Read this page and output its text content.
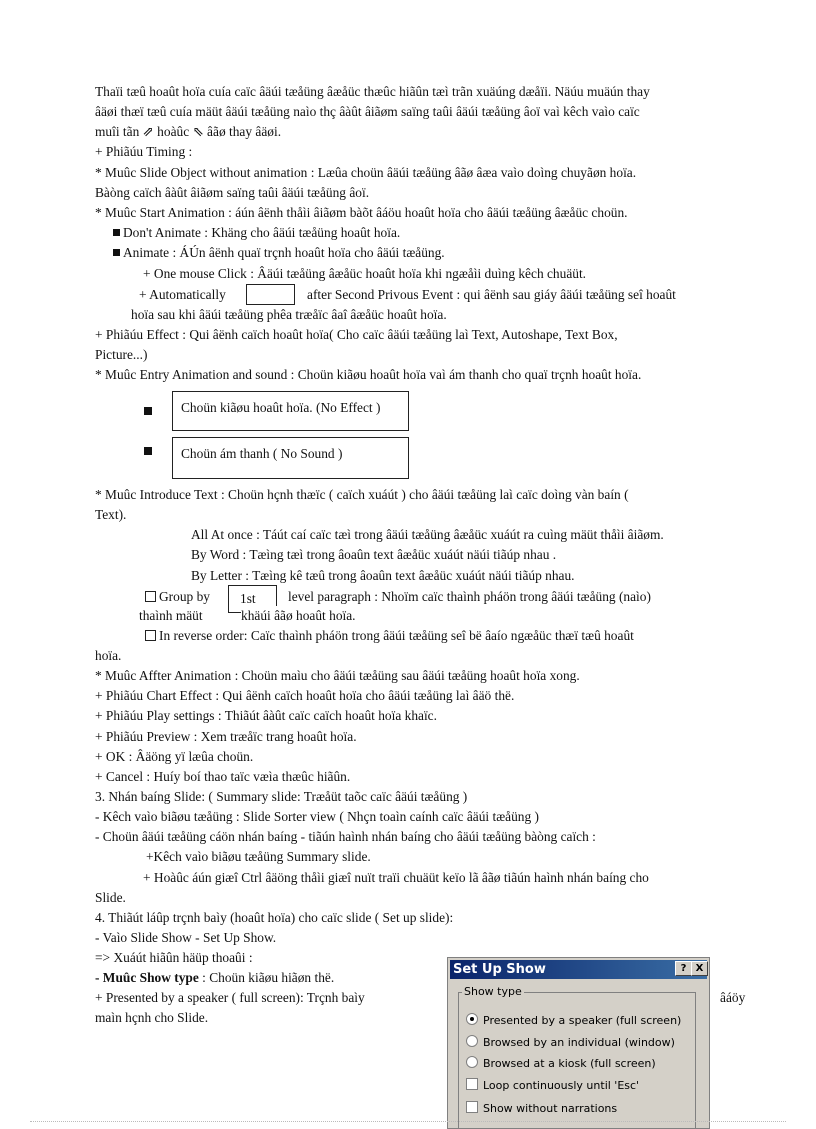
Thaïi tæû hoaût hoïa cuía caïc âäúi tæåüng âæåüc thæûc hiãûn tæì trãn xuäúng dæåïi. Näúu muäún thay
âäøi thæï tæû cuía mäüt âäúi tæåüng naìo thç âàût âiãøm saïng taûi âäúi tæåüng âoï vaì kêch vaìo caïc
muîi tãn ⇗ hoàûc ⇖ âãø thay âäøi.
+ Phiãúu Timing :
* Muûc Slide Object without animation : Læûa choün âäúi tæåüng âãø âæa vaìo doìng chuyãøn hoïa.
Bàòng caïch âàût âiãøm saïng taûi âäúi tæåüng âoï.
* Muûc Start Animation : áún âënh thåìi âiãøm bàõt âáöu hoaût hoïa cho âäúi tæåüng âæåüc choün.
Don't Animate : Khäng cho âäúi tæåüng hoaût hoïa.
Animate : ÁÚn âënh quaï trçnh hoaût hoïa cho âäúi tæåüng.
+ One mouse Click : Âäúi tæåüng âæåüc hoaût hoïa khi ngæåìi duìng kêch chuäüt.
+ Automatically	after Second Privous Event : qui âënh sau giáy âäúi tæåüng seî hoaût
hoïa sau khi âäúi tæåüng phêa træåïc âaî âæåüc hoaût hoïa.
+ Phiãúu Effect : Qui âënh caïch hoaût hoïa( Cho caïc âäúi tæåüng laì Text, Autoshape, Text Box,
Picture...)
* Muûc Entry Animation and sound : Choün kiãøu hoaût hoïa vaì ám thanh cho quaï trçnh hoaût hoïa.
Choün kiãøu hoaût hoïa. (No Effect )
Choün ám thanh ( No Sound )
* Muûc Introduce Text : Choün hçnh thæïc ( caïch xuáút ) cho âäúi tæåüng laì caïc doìng vàn baín (
Text).
All At once : Táút caí caïc tæì trong âäúi tæåüng âæåüc xuáút ra cuìng mäüt thåìi âiãøm.
By Word : Tæìng tæì trong âoaûn text âæåüc xuáút näúi tiãúp nhau .
By Letter : Tæìng kê tæû trong âoaûn text âæåüc xuáút näúi tiãúp nhau.
Group by 1st level paragraph : Nhoïm caïc thaình pháön trong âäúi tæåüng (naìo)
thaình mäüt	khäúi âãø hoaût hoïa.
In reverse order: Caïc thaình pháön trong âäúi tæåüng seî bë âaío ngæåüc thæï tæû hoaût
hoïa.
* Muûc Affter Animation : Choün maìu cho âäúi tæåüng sau âäúi tæåüng hoaût hoïa xong.
+ Phiãúu Chart Effect : Qui âënh caïch hoaût hoïa cho âäúi tæåüng laì âäö thë.
+ Phiãúu Play settings : Thiãút âàût caïc caïch hoaût hoïa khaïc.
+ Phiãúu Preview : Xem træåïc trang hoaût hoïa.
+ OK : Âäöng yï læûa choün.
+ Cancel : Huíy boí thao taïc væìa thæûc hiãûn.
3. Nhán baíng Slide: ( Summary slide: Træåüt taõc caïc âäúi tæåüng )
- Kêch vaìo biãøu tæåüng : Slide Sorter view ( Nhçn toaìn caính caïc âäúi tæåüng )
- Choün âäúi tæåüng cáön nhán baíng - tiãún haình nhán baíng cho âäúi tæåüng bàòng caïch :
+Kêch vaìo biãøu tæåüng Summary slide.
+ Hoàûc áún giæî Ctrl âäöng thåìi giæî nuït traïi chuäüt keïo lã âãø tiãún haình nhán baíng cho
Slide.
4. Thiãút láûp trçnh baìy (hoaût hoïa) cho caïc slide ( Set up slide):
- Vaìo Slide Show - Set Up Show.
=> Xuáút hiãûn häüp thoaûi :
- Muûc Show type : Choün kiãøu hiãøn thë.
+ Presented by a speaker ( full screen): Trçnh baìy	âáöy
maìn hçnh cho Slide.
Set Up Show	? X
Show type
Presented by a speaker (full screen)
Browsed by an individual (window)
Browsed at a kiosk (full screen)
Loop continuously until 'Esc'
Show without narrations
